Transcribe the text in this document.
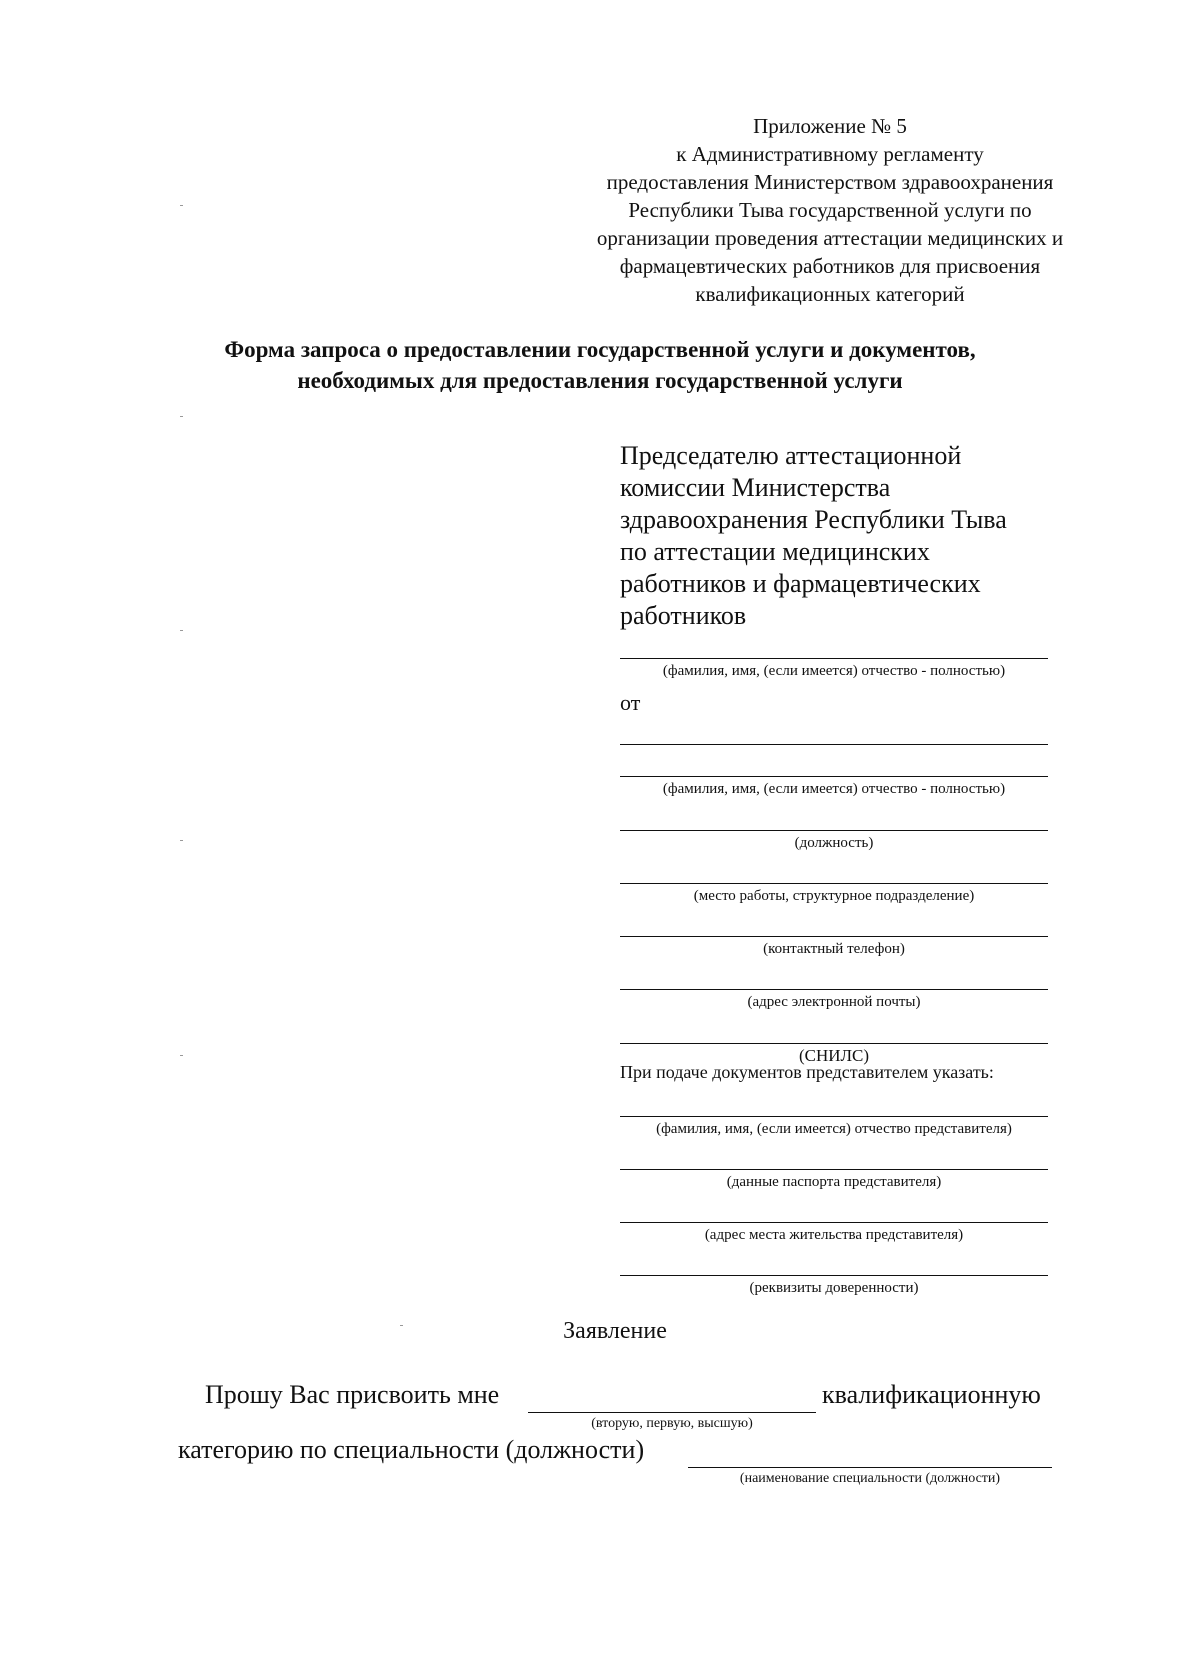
Приложение № 5
к Административному регламенту
предоставления Министерством здравоохранения
Республики Тыва государственной услуги по
организации проведения аттестации медицинских и
фармацевтических работников для присвоения
квалификационных категорий
Форма запроса о предоставлении государственной услуги и документов,
необходимых для предоставления государственной услуги
Председателю аттестационной
комиссии Министерства
здравоохранения Республики Тыва
по аттестации медицинских
работников и фармацевтических
работников
(фамилия, имя, (если имеется) отчество - полностью)
от
(фамилия, имя, (если имеется) отчество - полностью)
(должность)
(место работы, структурное подразделение)
(контактный телефон)
(адрес электронной почты)
(СНИЛС)
При подаче документов представителем указать:
(фамилия, имя, (если имеется) отчество представителя)
(данные паспорта представителя)
(адрес места жительства представителя)
(реквизиты доверенности)
Заявление
Прошу Вас присвоить мне
(вторую, первую, высшую)
квалификационную
категорию по специальности (должности)
(наименование специальности (должности)
